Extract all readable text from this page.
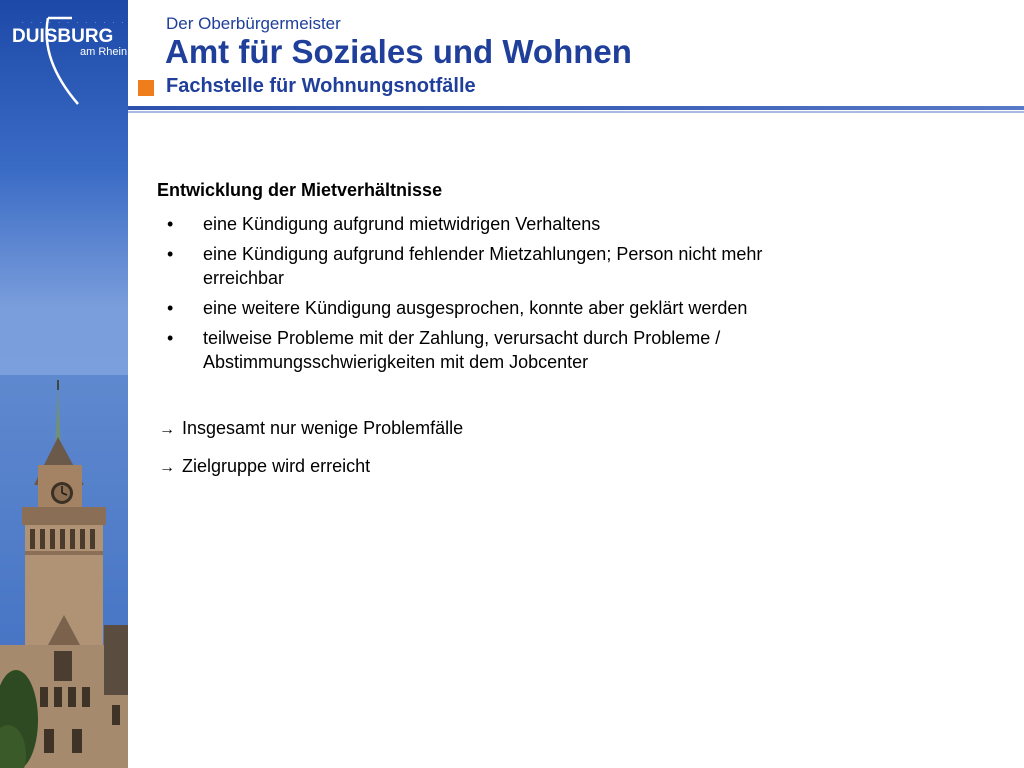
· · · · · · · · · · · · · ·
DUISBURG
am Rhein
Der Oberbürgermeister
Amt für Soziales und Wohnen
Fachstelle für Wohnungsnotfälle
Entwicklung der Mietverhältnisse
• eine Kündigung aufgrund mietwidrigen Verhaltens
• eine Kündigung aufgrund fehlender Mietzahlungen; Person nicht mehr
erreichbar
• eine weitere Kündigung ausgesprochen, konnte aber geklärt werden
• teilweise Probleme mit der Zahlung, verursacht durch Probleme /
Abstimmungsschwierigkeiten mit dem Jobcenter
→ Insgesamt nur wenige Problemfälle
→ Zielgruppe wird erreicht
